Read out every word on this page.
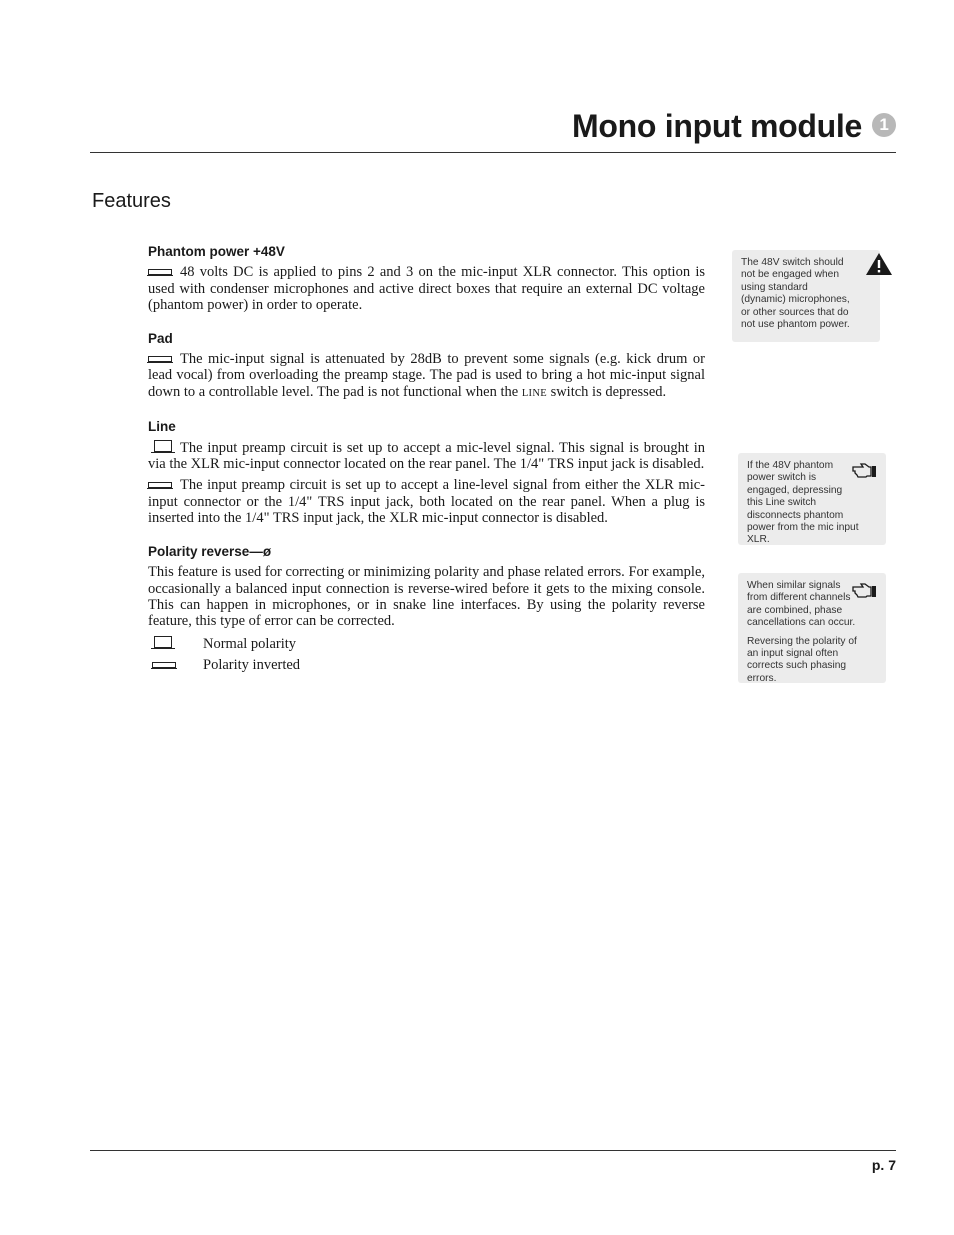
Mono input module	1
Features
Phantom power +48V

48 volts DC is applied to pins 2 and 3 on the mic-input XLR connector. This option is used with condenser microphones and active direct boxes that require an external DC voltage (phantom power) in order to operate.

Pad

The mic-input signal is attenuated by 28dB to prevent some signals (e.g. kick drum or lead vocal) from overloading the preamp stage. The pad is used to bring a hot mic-input signal down to a controllable level. The pad is not functional when the LINE switch is depressed.

Line

The input preamp circuit is set up to accept a mic-level signal. This signal is brought in via the XLR mic-input connector located on the rear panel. The 1/4" TRS input jack is disabled.

The input preamp circuit is set up to accept a line-level signal from either the XLR mic-input connector or the 1/4" TRS input jack, both located on the rear panel. When a plug is inserted into the 1/4" TRS input jack, the XLR mic-input connector is disabled.

Polarity reverse—ø

This feature is used for correcting or minimizing polarity and phase related errors. For example, occasionally a balanced input connection is reverse-wired before it gets to the mixing console. This can happen in microphones, or in snake line interfaces. By using the polarity reverse feature, this type of error can be corrected.

Normal polarity
Polarity inverted

The 48V switch should not be engaged when using standard (dynamic) microphones, or other sources that do not use phantom power.

If the 48V phantom power switch is engaged, depressing this Line switch disconnects phantom power from the mic input XLR.

When similar signals from different channels are combined, phase cancellations can occur.

Reversing the polarity of an input signal often corrects such phasing errors.

p. 7
